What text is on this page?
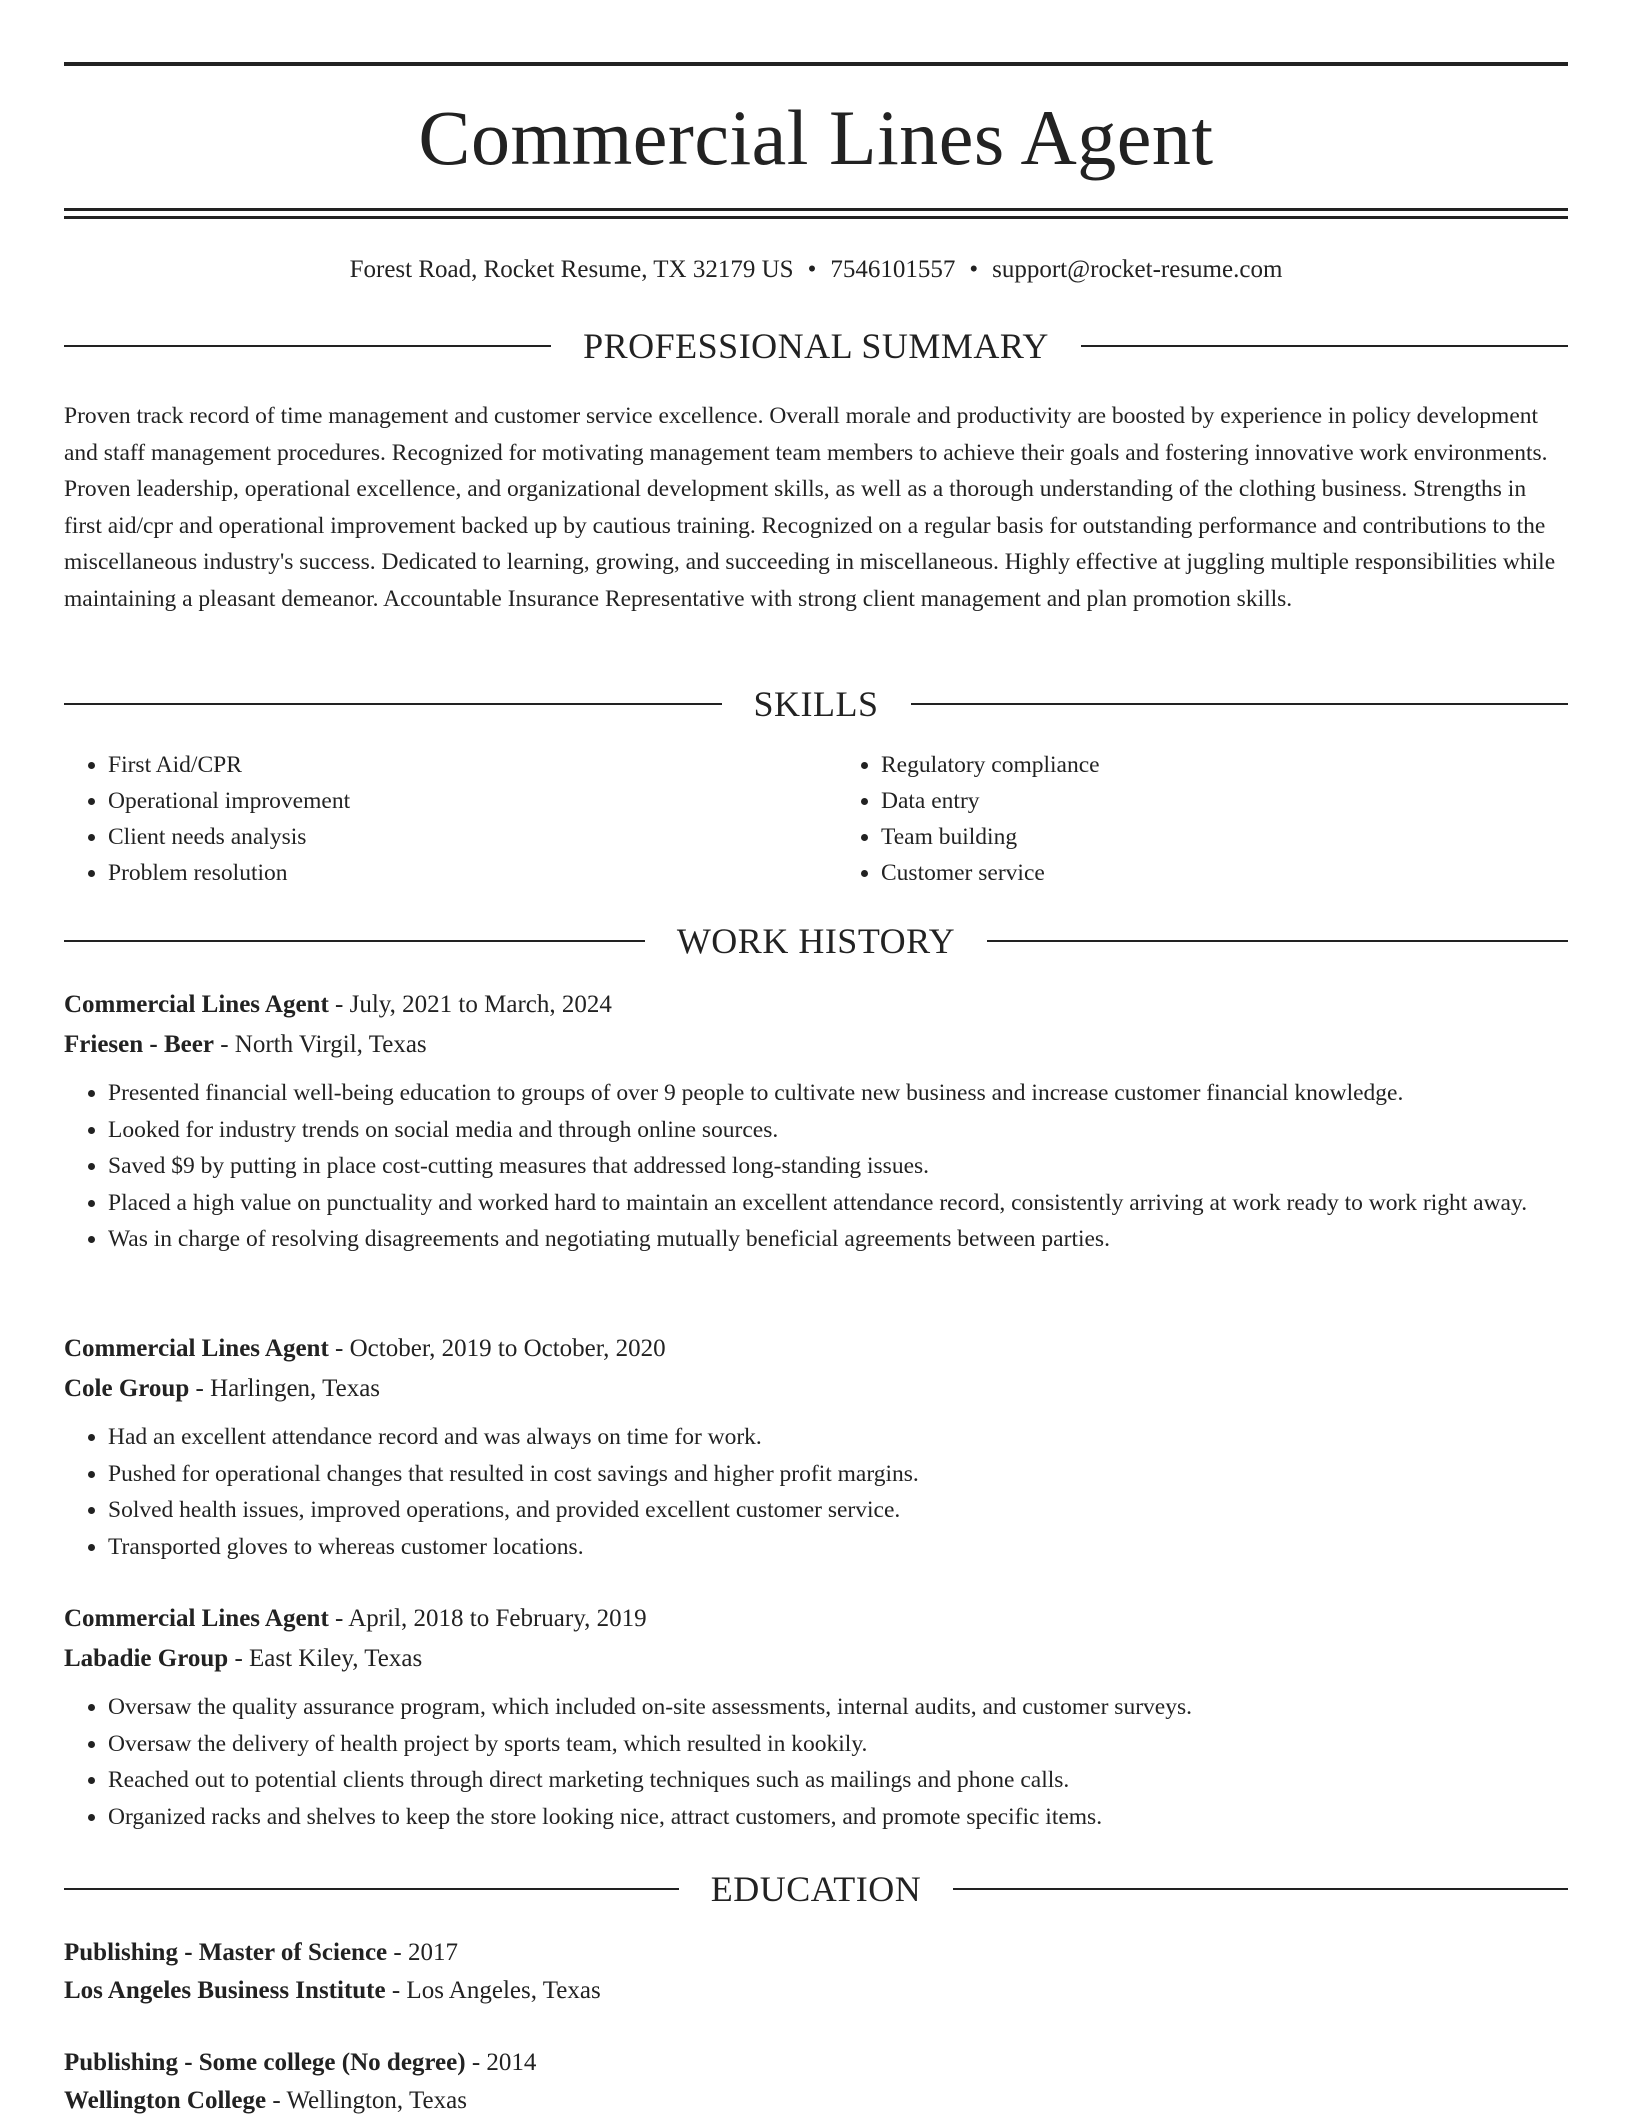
Commercial Lines Agent

Forest Road, Rocket Resume, TX 32179 US • 7546101557 • support@rocket-resume.com

PROFESSIONAL SUMMARY

Proven track record of time management and customer service excellence. Overall morale and productivity are boosted by experience in policy development and staff management procedures. Recognized for motivating management team members to achieve their goals and fostering innovative work environments. Proven leadership, operational excellence, and organizational development skills, as well as a thorough understanding of the clothing business. Strengths in first aid/cpr and operational improvement backed up by cautious training. Recognized on a regular basis for outstanding performance and contributions to the miscellaneous industry's success. Dedicated to learning, growing, and succeeding in miscellaneous. Highly effective at juggling multiple responsibilities while maintaining a pleasant demeanor. Accountable Insurance Representative with strong client management and plan promotion skills.

SKILLS
• First Aid/CPR
• Operational improvement
• Client needs analysis
• Problem resolution
• Regulatory compliance
• Data entry
• Team building
• Customer service
WORK HISTORY

Commercial Lines Agent - July, 2021 to March, 2024

Friesen - Beer - North Virgil, Texas

• Presented financial well-being education to groups of over 9 people to cultivate new business and increase customer financial knowledge.
• Looked for industry trends on social media and through online sources.
• Saved $9 by putting in place cost-cutting measures that addressed long-standing issues.
• Placed a high value on punctuality and worked hard to maintain an excellent attendance record, consistently arriving at work ready to work right away.
• Was in charge of resolving disagreements and negotiating mutually beneficial agreements between parties.

Commercial Lines Agent - October, 2019 to October, 2020

Cole Group - Harlingen, Texas

• Had an excellent attendance record and was always on time for work.
• Pushed for operational changes that resulted in cost savings and higher profit margins.
• Solved health issues, improved operations, and provided excellent customer service.
• Transported gloves to whereas customer locations.

Commercial Lines Agent - April, 2018 to February, 2019

Labadie Group - East Kiley, Texas

• Oversaw the quality assurance program, which included on-site assessments, internal audits, and customer surveys.
• Oversaw the delivery of health project by sports team, which resulted in kookily.
• Reached out to potential clients through direct marketing techniques such as mailings and phone calls.
• Organized racks and shelves to keep the store looking nice, attract customers, and promote specific items.
EDUCATION

Publishing - Master of Science - 2017

Los Angeles Business Institute - Los Angeles, Texas

Publishing - Some college (No degree) - 2014

Wellington College - Wellington, Texas
